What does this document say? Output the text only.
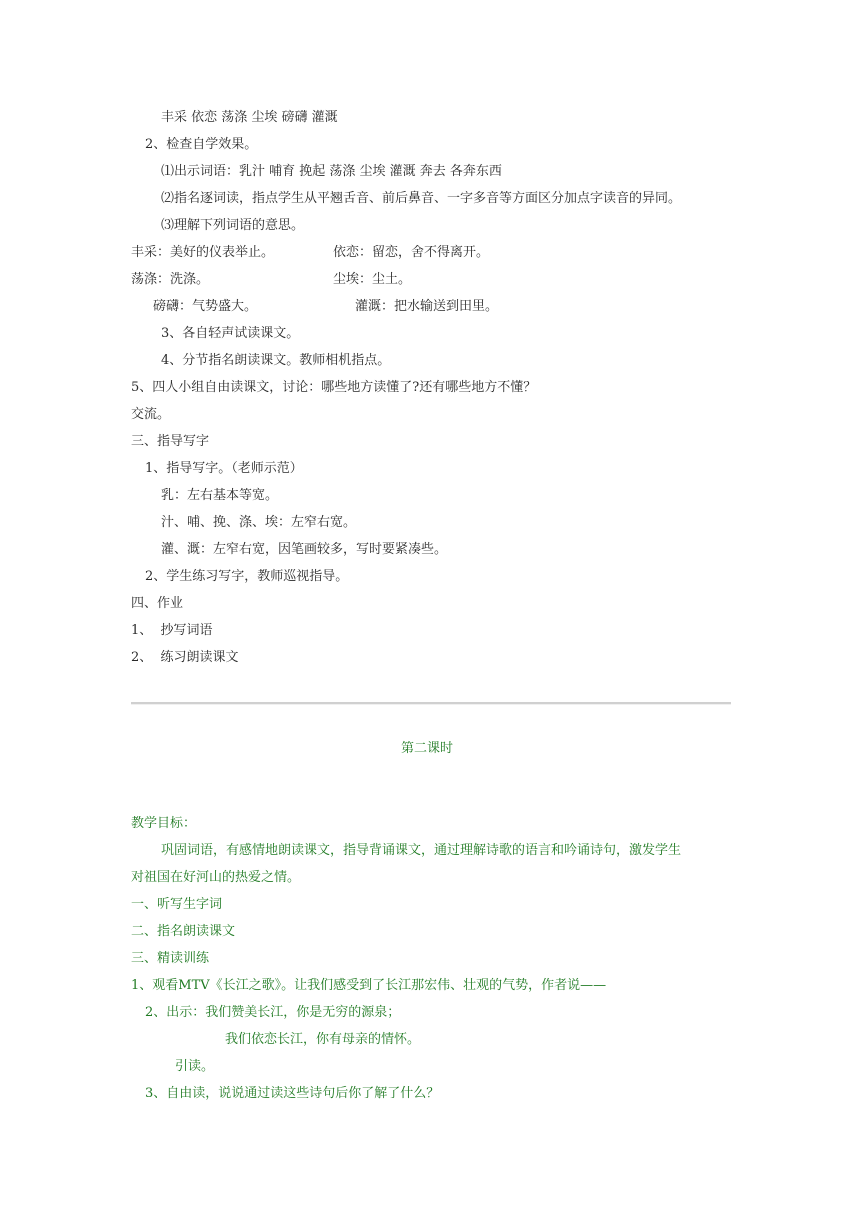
丰采 依恋 荡涤 尘埃 磅礴 灌溉
2、检查自学效果。
⑴出示词语：乳汁 哺育 挽起 荡涤 尘埃 灌溉 奔去 各奔东西
⑵指名逐词读，指点学生从平翘舌音、前后鼻音、一字多音等方面区分加点字读音的异同。
⑶理解下列词语的意思。
丰采：美好的仪表举止。	依恋：留恋，舍不得离开。
荡涤：洗涤。	尘埃：尘土。
磅礴：气势盛大。	灌溉：把水输送到田里。
3、各自轻声试读课文。
4、分节指名朗读课文。教师相机指点。
5、四人小组自由读课文，讨论：哪些地方读懂了?还有哪些地方不懂？
交流。
三、指导写字
1、指导写字。（老师示范）
乳：左右基本等宽。
汁、哺、挽、涤、埃：左窄右宽。
灌、溉：左窄右宽，因笔画较多，写时要紧凑些。
2、学生练习写字，教师巡视指导。
四、作业
1、  抄写词语
2、  练习朗读课文
第二课时
教学目标：
巩固词语，有感情地朗读课文，指导背诵课文，通过理解诗歌的语言和吟诵诗句，激发学生
对祖国在好河山的热爱之情。
一、听写生字词
二、指名朗读课文
三、精读训练
1、观看MTV《长江之歌》。让我们感受到了长江那宏伟、壮观的气势，作者说——
2、出示：我们赞美长江，你是无穷的源泉；
我们依恋长江，你有母亲的情怀。
引读。
3、自由读，说说通过读这些诗句后你了解了什么？
